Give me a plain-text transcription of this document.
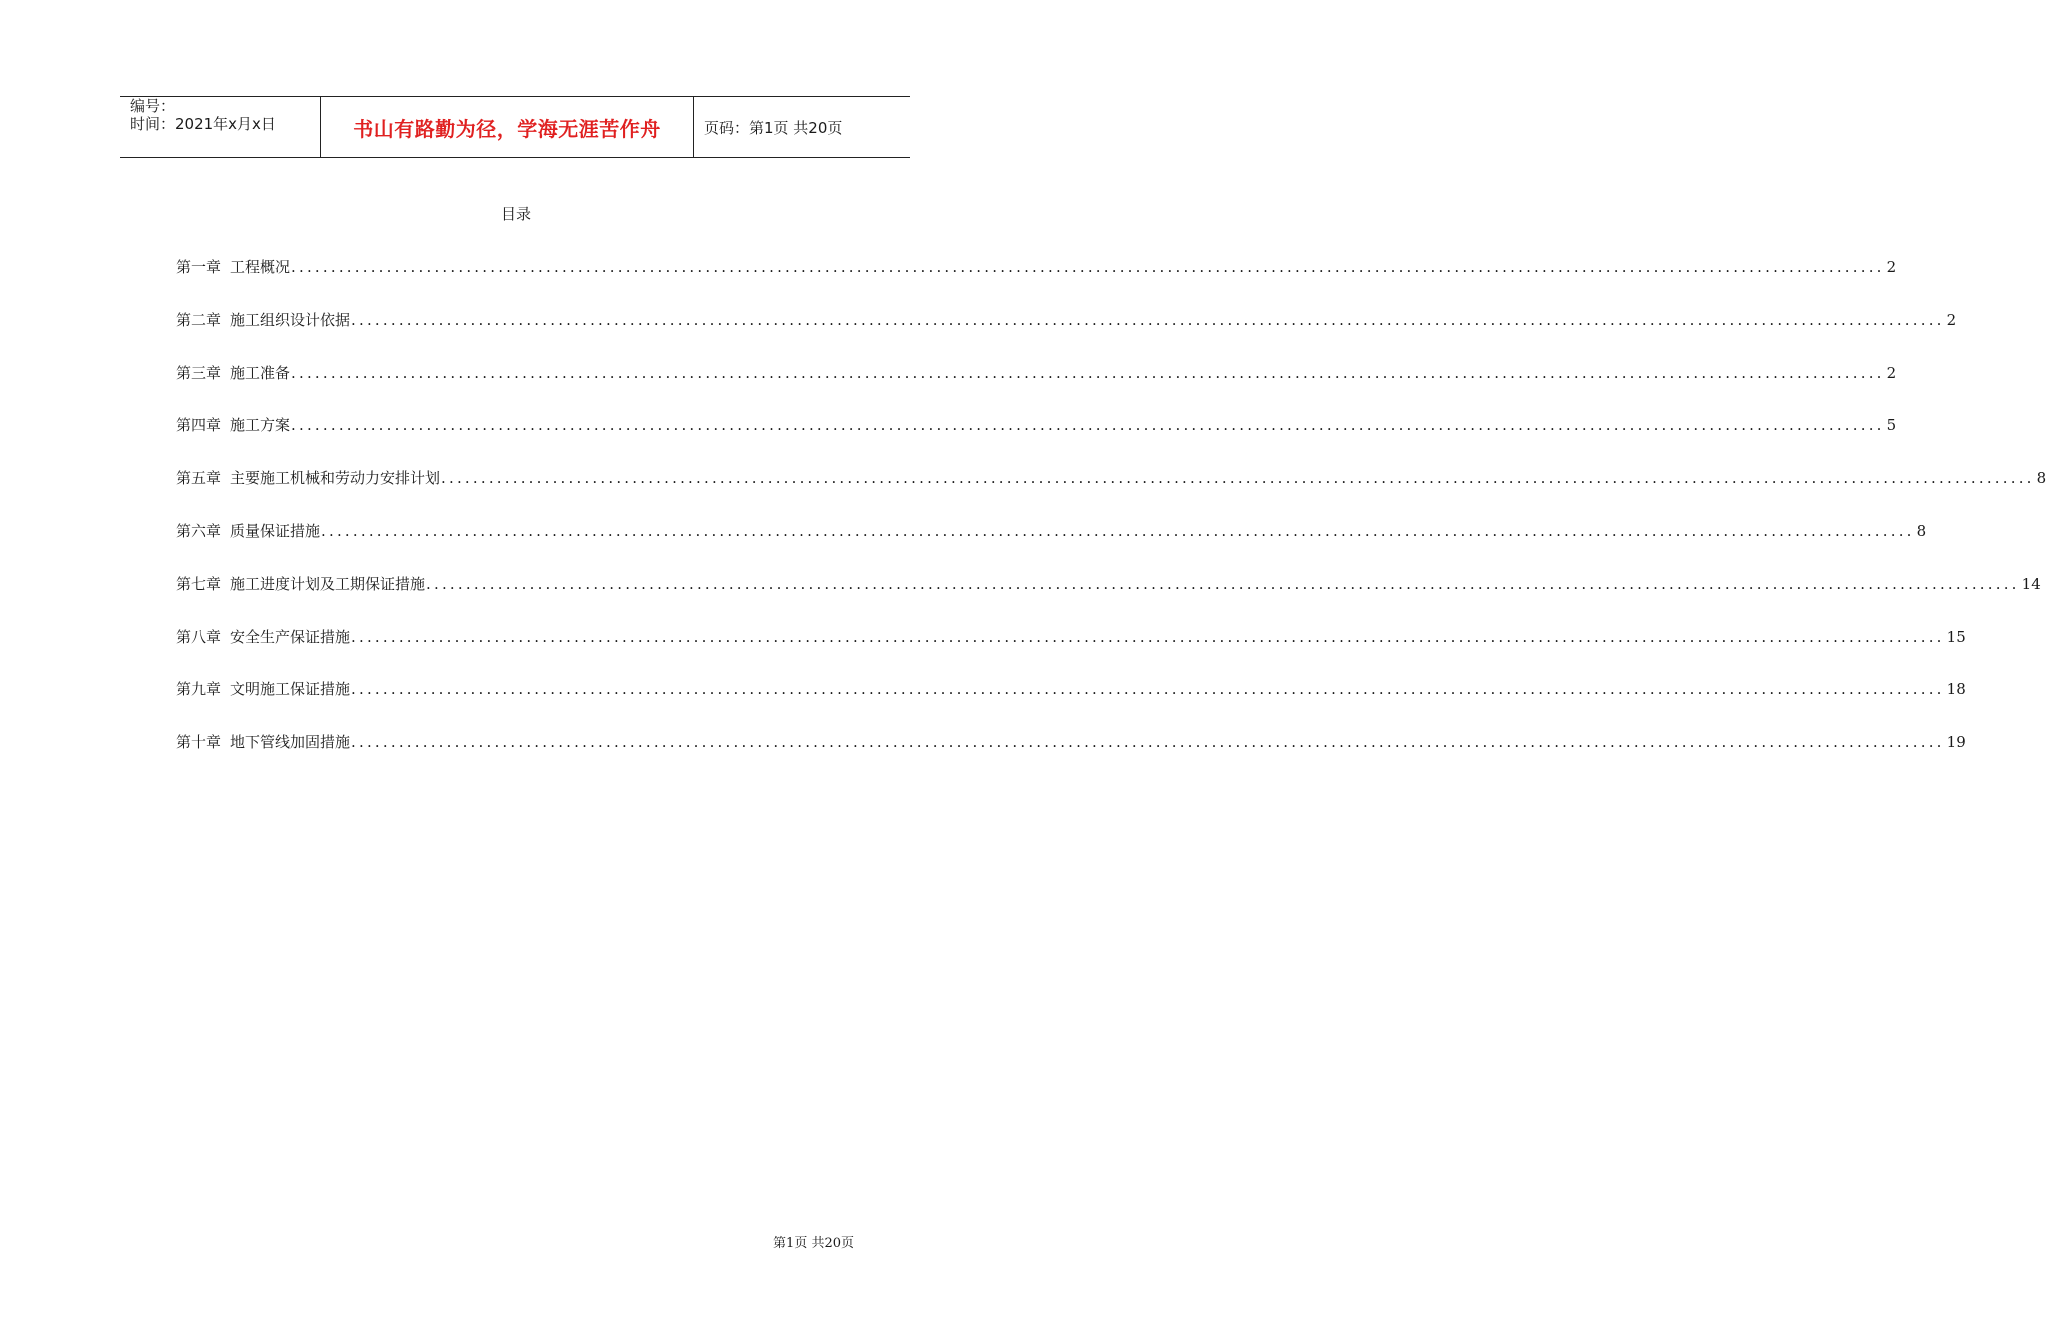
编号：
时间：2021年x月x日	书山有路勤为径，学海无涯苦作舟	页码：第1页 共20页
目录
第一章 工程概况 ........................................................................................................................................................................................................ 2
第二章 施工组织设计依据 ........................................................................................................................................................................................................ 2
第三章 施工准备 ........................................................................................................................................................................................................ 2
第四章 施工方案 ........................................................................................................................................................................................................ 5
第五章 主要施工机械和劳动力安排计划 ........................................................................................................................................................................................................ 8
第六章 质量保证措施 ........................................................................................................................................................................................................ 8
第七章 施工进度计划及工期保证措施 ........................................................................................................................................................................................................ 14
第八章 安全生产保证措施 ........................................................................................................................................................................................................ 15
第九章 文明施工保证措施 ........................................................................................................................................................................................................ 18
第十章 地下管线加固措施 ........................................................................................................................................................................................................ 19
第1页 共20页
